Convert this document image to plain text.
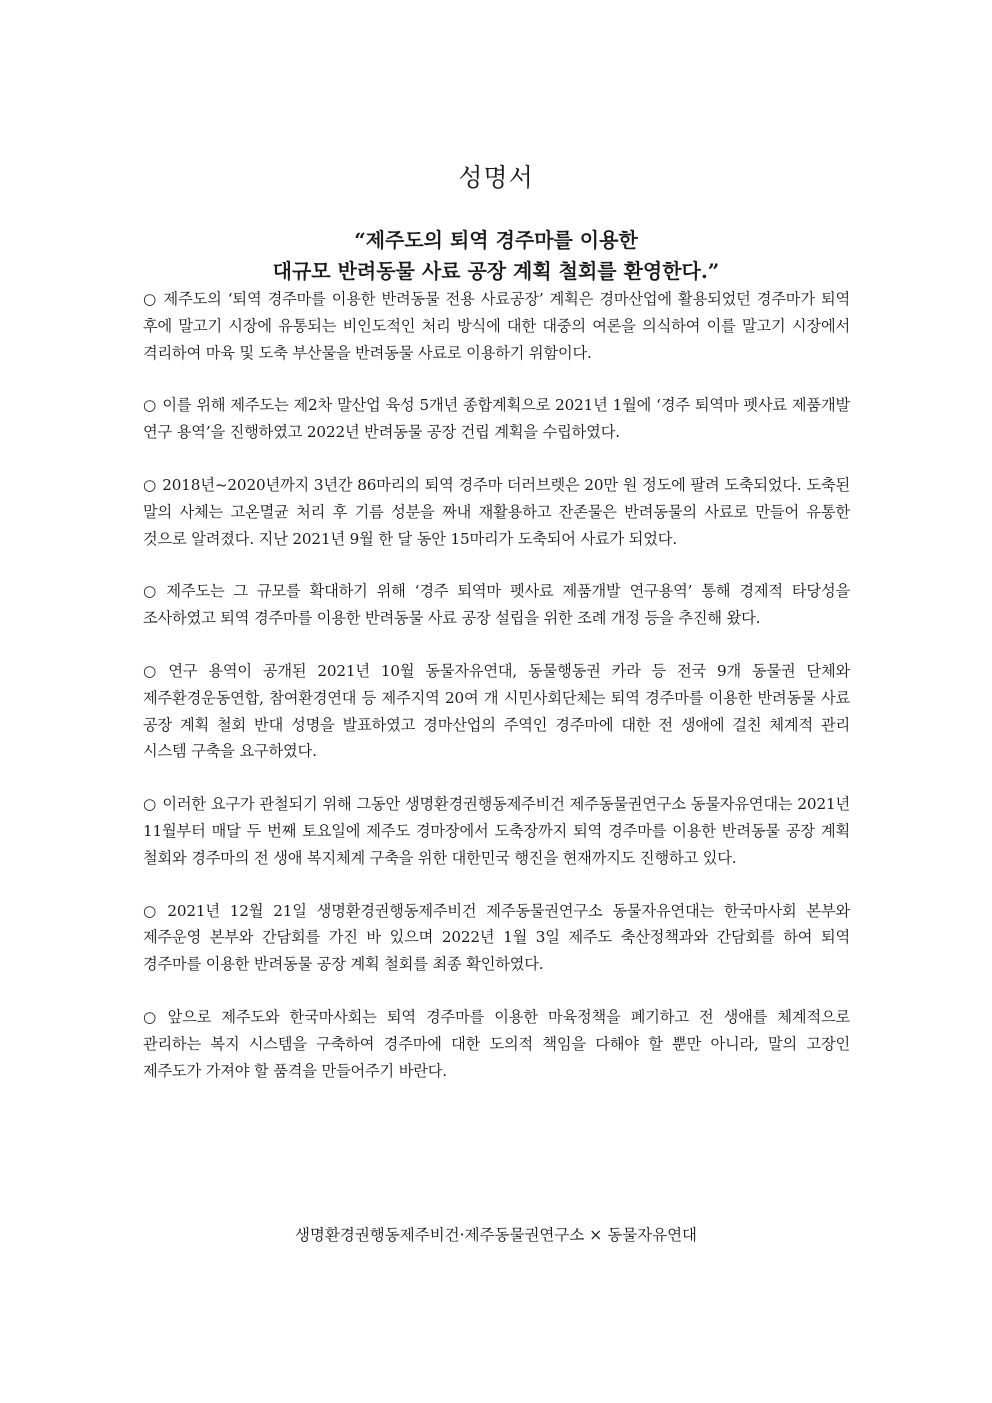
성명서
“제주도의 퇴역 경주마를 이용한
대규모 반려동물 사료 공장 계획 철회를 환영한다.”

○ 제주도의 ‘퇴역 경주마를 이용한 반려동물 전용 사료공장’ 계획은 경마산업에 활용되었던 경주마가 퇴역 후에 말고기 시장에 유통되는 비인도적인 처리 방식에 대한 대중의 여론을 의식하여 이를 말고기 시장에서 격리하여 마육 및 도축 부산물을 반려동물 사료로 이용하기 위함이다.

○ 이를 위해 제주도는 제2차 말산업 육성 5개년 종합계획으로 2021년 1월에 ‘경주 퇴역마 펫사료 제품개발 연구 용역’을 진행하였고 2022년 반려동물 공장 건립 계획을 수립하였다.

○ 2018년~2020년까지 3년간 86마리의 퇴역 경주마 더러브렛은 20만 원 정도에 팔려 도축되었다. 도축된 말의 사체는 고온멸균 처리 후 기름 성분을 짜내 재활용하고 잔존물은 반려동물의 사료로 만들어 유통한 것으로 알려졌다. 지난 2021년 9월 한 달 동안 15마리가 도축되어 사료가 되었다.

○ 제주도는 그 규모를 확대하기 위해 ‘경주 퇴역마 펫사료 제품개발 연구용역’ 통해 경제적 타당성을 조사하였고 퇴역 경주마를 이용한 반려동물 사료 공장 설립을 위한 조례 개정 등을 추진해 왔다.

○ 연구 용역이 공개된 2021년 10월 동물자유연대, 동물행동권 카라 등 전국 9개 동물권 단체와 제주환경운동연합, 참여환경연대 등 제주지역 20여 개 시민사회단체는 퇴역 경주마를 이용한 반려동물 사료 공장 계획 철회 반대 성명을 발표하였고 경마산업의 주역인 경주마에 대한 전 생애에 걸친 체계적 관리 시스템 구축을 요구하였다.

○ 이러한 요구가 관철되기 위해 그동안 생명환경권행동제주비건 제주동물권연구소 동물자유연대는 2021년 11월부터 매달 두 번째 토요일에 제주도 경마장에서 도축장까지 퇴역 경주마를 이용한 반려동물 공장 계획 철회와 경주마의 전 생애 복지체계 구축을 위한 대한민국 행진을 현재까지도 진행하고 있다.

○ 2021년 12월 21일 생명환경권행동제주비건 제주동물권연구소 동물자유연대는 한국마사회 본부와 제주운영 본부와 간담회를 가진 바 있으며 2022년 1월 3일 제주도 축산정책과와 간담회를 하여 퇴역 경주마를 이용한 반려동물 공장 계획 철회를 최종 확인하였다.

○ 앞으로 제주도와 한국마사회는 퇴역 경주마를 이용한 마육정책을 폐기하고 전 생애를 체계적으로 관리하는 복지 시스템을 구축하여 경주마에 대한 도의적 책임을 다해야 할 뿐만 아니라, 말의 고장인 제주도가 가져야 할 품격을 만들어주기 바란다.

생명환경권행동제주비건·제주동물권연구소 × 동물자유연대
